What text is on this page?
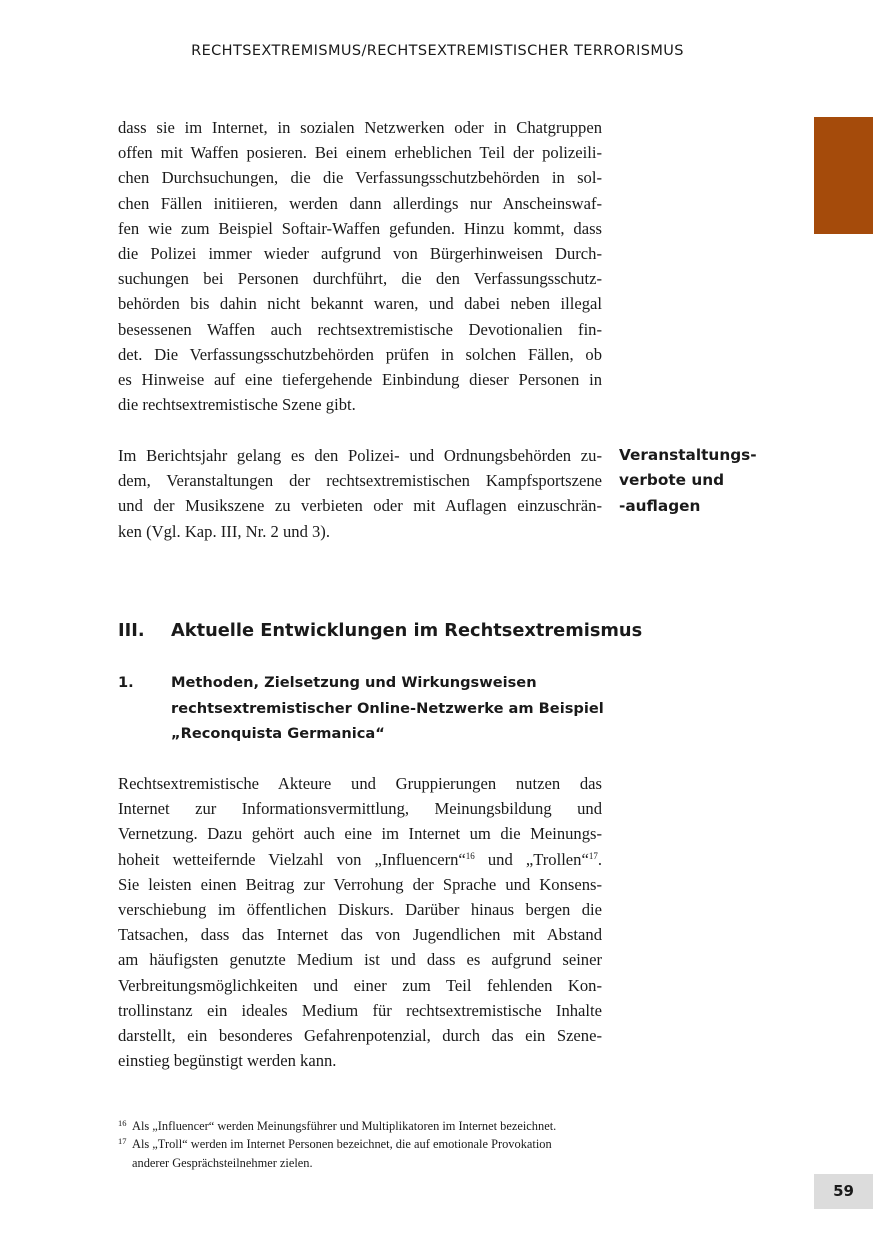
RECHTSEXTREMISMUS/RECHTSEXTREMISTISCHER TERRORISMUS
dass sie im Internet, in sozialen Netzwerken oder in Chatgruppen
offen mit Waffen posieren. Bei einem erheblichen Teil der polizeili-
chen Durchsuchungen, die die Verfassungsschutzbehörden in sol-
chen Fällen initiieren, werden dann allerdings nur Anscheinswaf-
fen wie zum Beispiel Softair-Waffen gefunden. Hinzu kommt, dass
die Polizei immer wieder aufgrund von Bürgerhinweisen Durch-
suchungen bei Personen durchführt, die den Verfassungsschutz-
behörden bis dahin nicht bekannt waren, und dabei neben illegal
besessenen Waffen auch rechtsextremistische Devotionalien fin-
det. Die Verfassungsschutzbehörden prüfen in solchen Fällen, ob
es Hinweise auf eine tiefergehende Einbindung dieser Personen in
die rechtsextremistische Szene gibt.
Im Berichtsjahr gelang es den Polizei- und Ordnungsbehörden zu-
dem, Veranstaltungen der rechtsextremistischen Kampfsportszene
und der Musikszene zu verbieten oder mit Auflagen einzuschrän-
ken (Vgl. Kap. III, Nr. 2 und 3).
Veranstaltungs-
verbote und
-auflagen
III. Aktuelle Entwicklungen im Rechtsextremismus
1.	Methoden, Zielsetzung und Wirkungsweisen
rechtsextremistischer Online-Netzwerke am Beispiel
„Reconquista Germanica“
Rechtsextremistische Akteure und Gruppierungen nutzen das
Internet zur Informationsvermittlung, Meinungsbildung und
Vernetzung. Dazu gehört auch eine im Internet um die Meinungs-
hoheit wetteifernde Vielzahl von „Influencern“$^{16}$ und „Trollen“$^{17}$.
Sie leisten einen Beitrag zur Verrohung der Sprache und Konsens-
verschiebung im öffentlichen Diskurs. Darüber hinaus bergen die
Tatsachen, dass das Internet das von Jugendlichen mit Abstand
am häufigsten genutzte Medium ist und dass es aufgrund seiner
Verbreitungsmöglichkeiten und einer zum Teil fehlenden Kon-
trollinstanz ein ideales Medium für rechtsextremistische Inhalte
darstellt, ein besonderes Gefahrenpotenzial, durch das ein Szene-
einstieg begünstigt werden kann.
16 Als „Influencer“ werden Meinungsführer und Multiplikatoren im Internet bezeichnet.
17 Als „Troll“ werden im Internet Personen bezeichnet, die auf emotionale Provokation
anderer Gesprächsteilnehmer zielen.
59
